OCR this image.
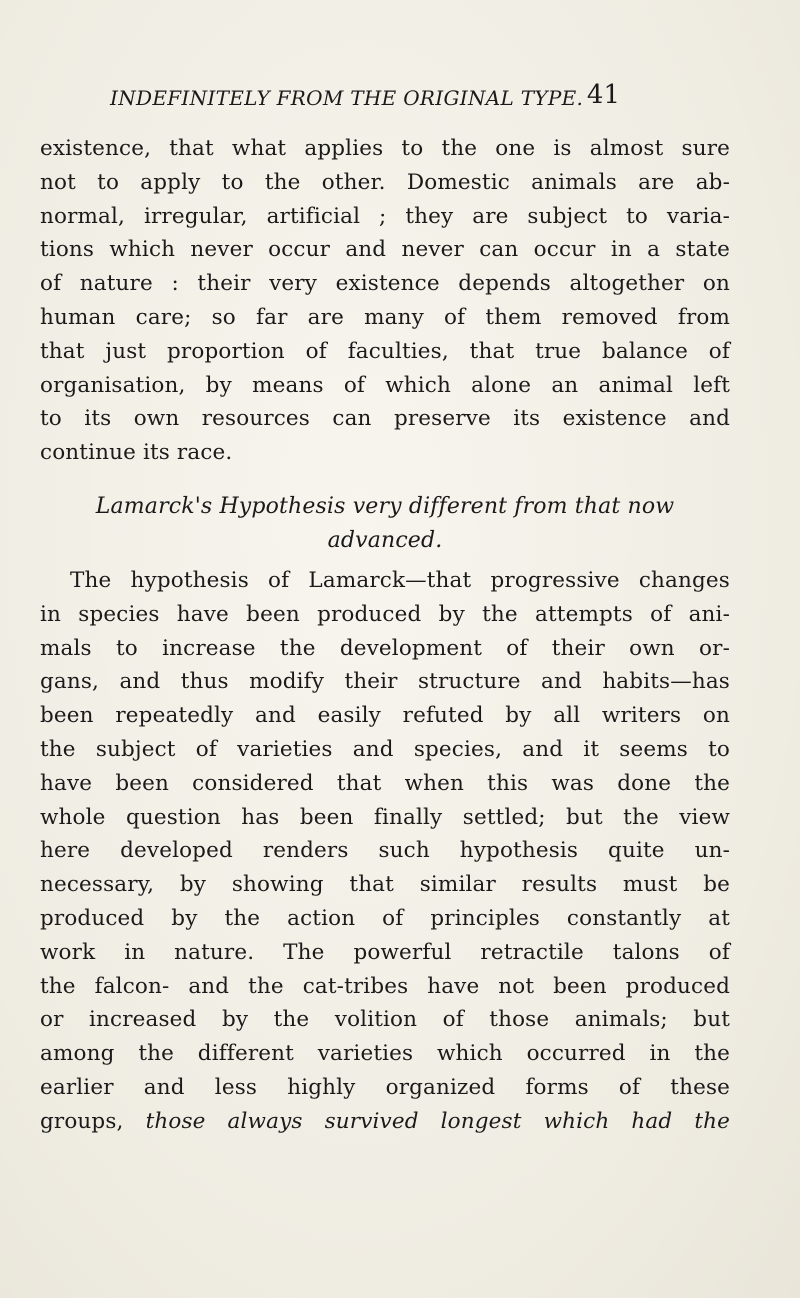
INDEFINITELY FROM THE ORIGINAL TYPE. 41
existence, that what applies to the one is almost sure
not to apply to the other. Domestic animals are ab-
normal, irregular, artificial ; they are subject to varia-
tions which never occur and never can occur in a state
of nature : their very existence depends altogether on
human care; so far are many of them removed from
that just proportion of faculties, that true balance of
organisation, by means of which alone an animal left
to its own resources can preserve its existence and
continue its race.
Lamarck's Hypothesis very different from that now
advanced.
The hypothesis of Lamarck—that progressive changes
in species have been produced by the attempts of ani-
mals to increase the development of their own or-
gans, and thus modify their structure and habits—has
been repeatedly and easily refuted by all writers on
the subject of varieties and species, and it seems to
have been considered that when this was done the
whole question has been finally settled; but the view
here developed renders such hypothesis quite un-
necessary, by showing that similar results must be
produced by the action of principles constantly at
work in nature. The powerful retractile talons of
the falcon- and the cat-tribes have not been produced
or increased by the volition of those animals; but
among the different varieties which occurred in the
earlier and less highly organized forms of these
groups, those always survived longest which had the
